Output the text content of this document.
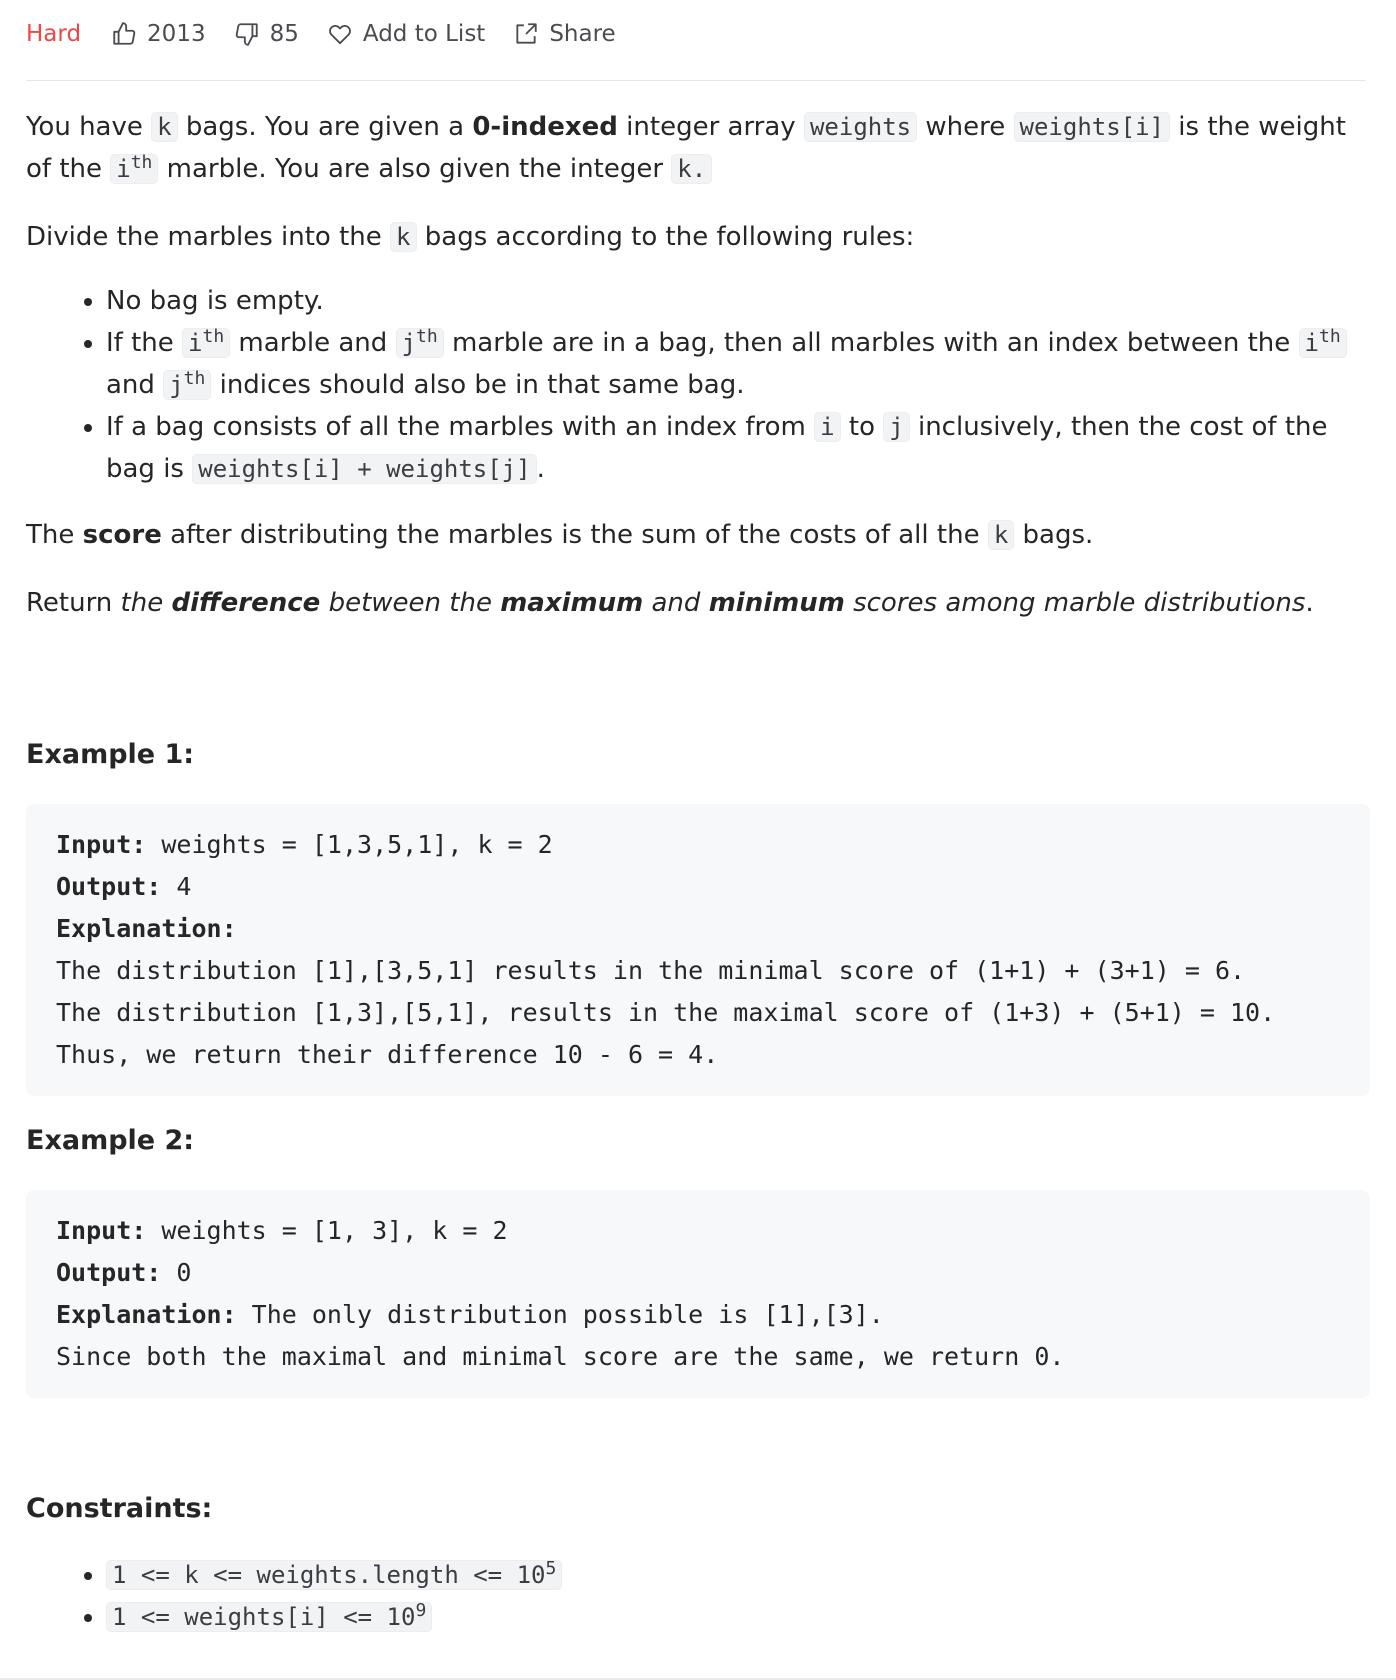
Hard	2013	85	Add to List	Share

You have k bags. You are given a 0-indexed integer array weights where weights[i] is the weight of the $i^{th}$ marble. You are also given the integer k.

Divide the marbles into the k bags according to the following rules:

• No bag is empty.
• If the $i^{th}$ marble and $j^{th}$ marble are in a bag, then all marbles with an index between the $i^{th}$ and $j^{th}$ indices should also be in that same bag.
• If a bag consists of all the marbles with an index from i to j inclusively, then the cost of the bag is weights[i] + weights[j] .

The score after distributing the marbles is the sum of the costs of all the k bags.

Return the difference between the maximum and minimum scores among marble distributions.

Example 1:
Input: weights = [1,3,5,1], k = 2
Output: 4
Explanation:
The distribution [1],[3,5,1] results in the minimal score of (1+1) + (3+1) = 6.
The distribution [1,3],[5,1], results in the maximal score of (1+3) + (5+1) = 10.
Thus, we return their difference 10 - 6 = 4.
Example 2:
Input: weights = [1, 3], k = 2
Output: 0
Explanation: The only distribution possible is [1],[3].
Since both the maximal and minimal score are the same, we return 0.
Constraints:
• 1 <= k <= weights.length <= $10^5$
• 1 <= weights[i] <= $10^9$
